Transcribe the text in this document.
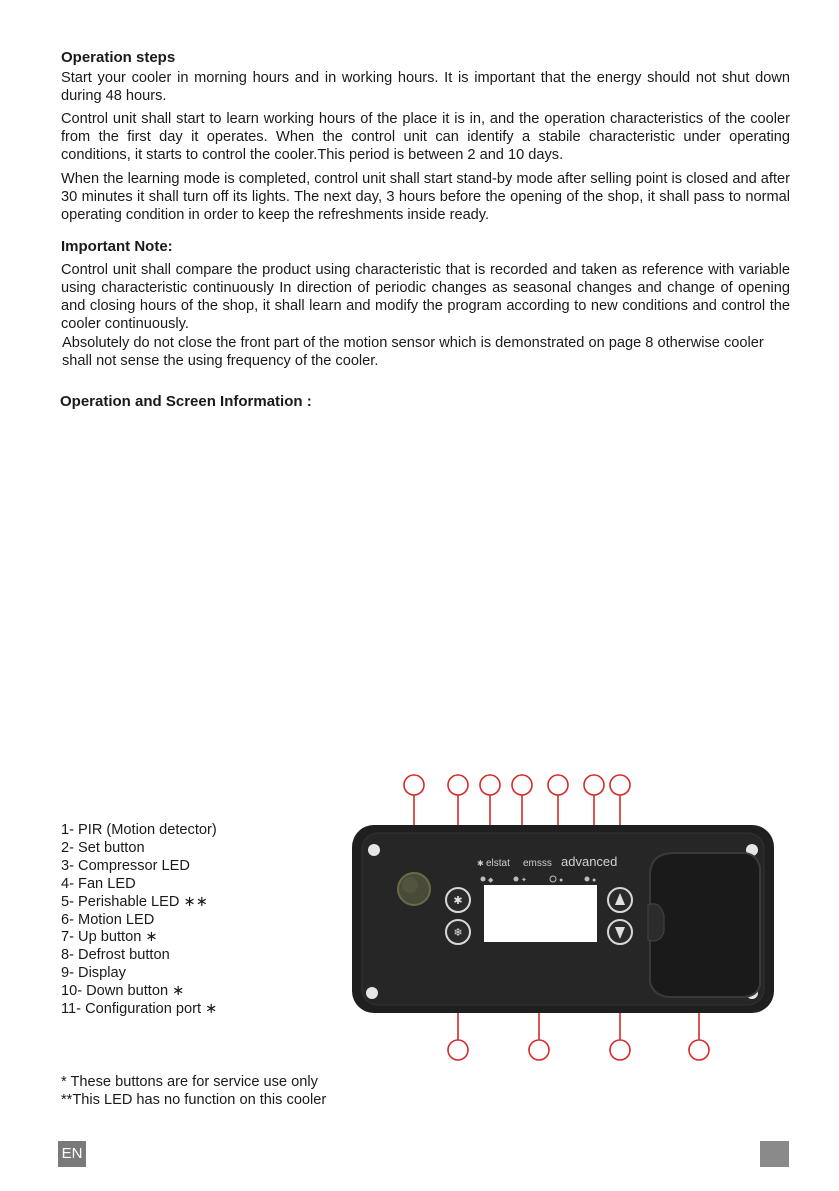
Operation steps
Start your cooler in morning hours and in working hours. It is important that the energy should not shut down during 48 hours.
Control unit shall start to learn working hours of the place it is in, and the operation characteristics of the cooler from the first day it operates. When the control unit can identify a stabile characteristic under operating conditions, it starts to control the cooler.This period is between 2 and 10 days.
When the learning mode is completed, control unit shall start stand-by mode after selling point is closed and after 30 minutes it shall turn off its lights. The next day, 3 hours before the opening of the shop, it shall pass to normal operating condition in order to keep the refreshments inside ready.
Important Note:
Control unit shall compare the product using characteristic that is recorded and taken as reference with variable using characteristic continuously In direction of periodic changes as seasonal changes and change of opening and closing hours of the shop, it shall learn and modify the program according to new conditions and control the cooler continuously.
Absolutely do not close the front part of the motion sensor which is demonstrated on page 8 otherwise cooler shall not sense the using frequency of the cooler.
Operation and Screen Information :
1- PIR (Motion detector)
2- Set button
3- Compressor LED
4- Fan LED
5- Perishable LED ∗∗
6- Motion LED
7- Up button ∗
8- Defrost button
9- Display
10- Down button ∗
11- Configuration port ∗
✱ elstat emsss advanced
◆	✦	●	●
✱
❄
* These buttons are for service use only
**This LED has no function on this cooler
EN
